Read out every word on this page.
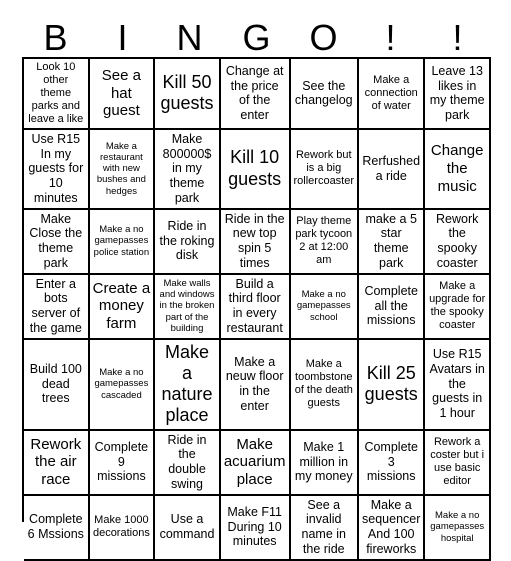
B	I	N	G	O	!	!
Look 10 other theme parks and leave a like
See a hat guest
Kill 50 guests
Change at the price of the enter
See the changelog
Make a connection of water
Leave 13 likes in my theme park
Use R15 In my guests for 10 minutes
Make a restaurant with new bushes and hedges
Make 800000$ in my theme park
Kill 10 guests
Rework but is a big rollercoaster
Rerfushed a ride
Change the music
Make Close the theme park
Make a no gamepasses police station
Ride in the roking disk
Ride in the new top spin 5 times
Play theme park tycoon 2 at 12:00 am
make a 5 star theme park
Rework the spooky coaster
Enter a bots server of the game
Create a money farm
Make walls and windows in the broken part of the building
Build a third floor in every restaurant
Make a no gamepasses school
Complete all the missions
Make a upgrade for the spooky coaster
Build 100 dead trees
Make a no gamepasses cascaded
Make a nature place
Make a neuw floor in the enter
Make a toombstone of the death guests
Kill 25 guests
Use R15 Avatars in the guests in 1 hour
Rework the air race
Complete 9 missions
Ride in the double swing
Make acuarium place
Make 1 million in my money
Complete 3 missions
Rework a coster but i use basic editor
Complete 6 Mssions
Make 1000 decorations
Use a command
Make F11 During 10 minutes
See a invalid name in the ride
Make a sequencer And 100 fireworks
Make a no gamepasses hospital
